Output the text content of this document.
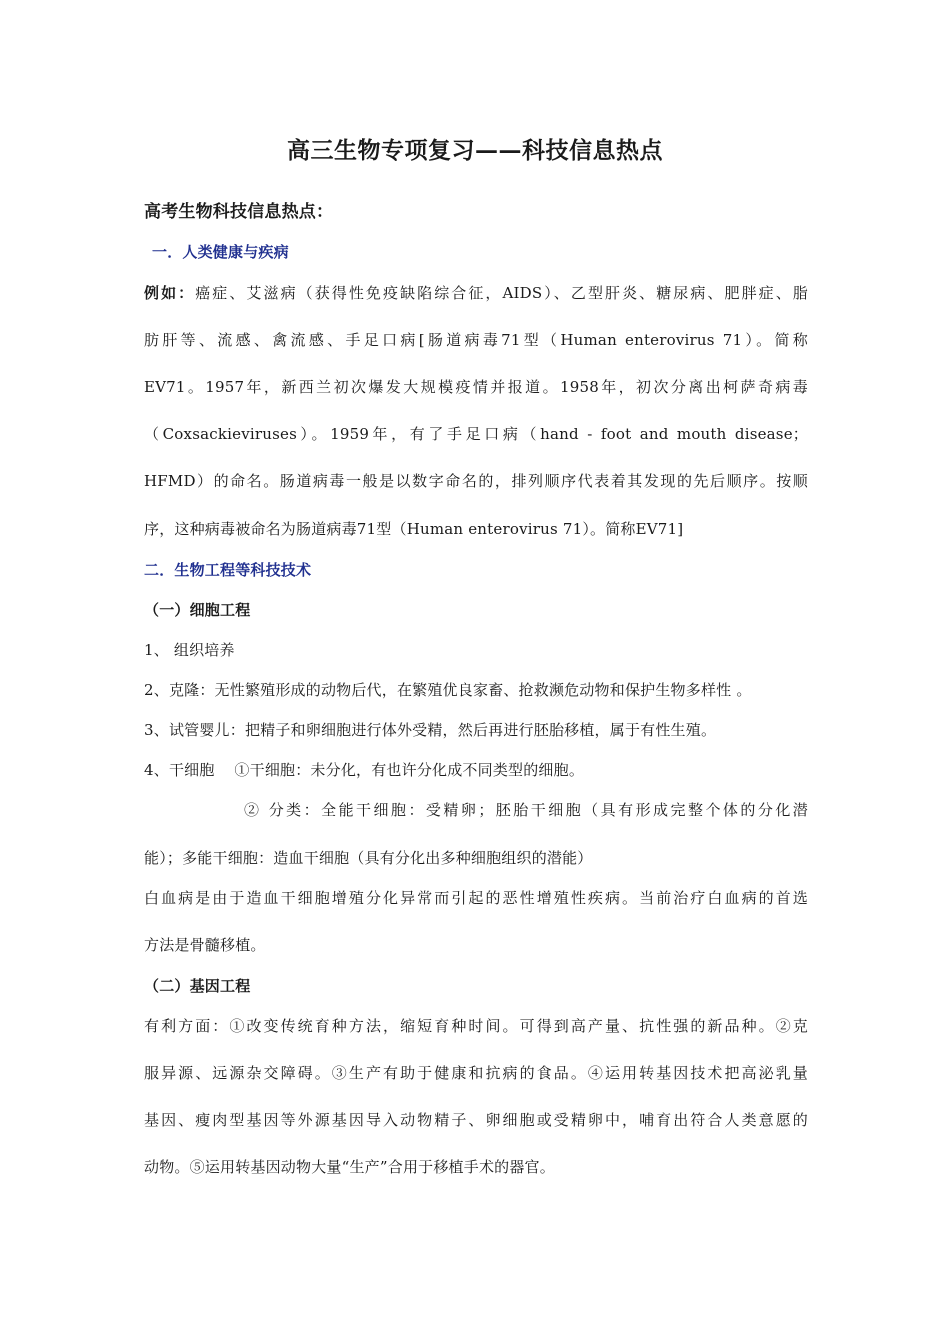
高三生物专项复习——科技信息热点
高考生物科技信息热点：
一．人类健康与疾病
例如：癌症、艾滋病（获得性免疫缺陷综合征，AIDS）、乙型肝炎、糖尿病、肥胖症、脂
肪肝等、流感、禽流感、手足口病[肠道病毒71型（Human enterovirus 71）。简称
EV71。1957年，新西兰初次爆发大规模疫情并报道。1958年，初次分离出柯萨奇病毒
（Coxsackieviruses）。1959年，有了手足口病（hand - foot and mouth disease；
HFMD）的命名。肠道病毒一般是以数字命名的，排列顺序代表着其发现的先后顺序。按顺
序，这种病毒被命名为肠道病毒71型（Human enterovirus 71）。简称EV71]
二．生物工程等科技技术
（一）细胞工程
1、 组织培养
2、克隆：无性繁殖形成的动物后代，在繁殖优良家畜、抢救濒危动物和保护生物多样性 。
3、试管婴儿：把精子和卵细胞进行体外受精，然后再进行胚胎移植，属于有性生殖。
4、干细胞    ①干细胞：未分化，有也许分化成不同类型的细胞。
② 分类：全能干细胞：受精卵；胚胎干细胞（具有形成完整个体的分化潜
能）；多能干细胞：造血干细胞（具有分化出多种细胞组织的潜能）
白血病是由于造血干细胞增殖分化异常而引起的恶性增殖性疾病。当前治疗白血病的首选
方法是骨髓移植。
（二）基因工程
有利方面：①改变传统育种方法，缩短育种时间。可得到高产量、抗性强的新品种。②克
服异源、远源杂交障碍。③生产有助于健康和抗病的食品。④运用转基因技术把高泌乳量
基因、瘦肉型基因等外源基因导入动物精子、卵细胞或受精卵中，哺育出符合人类意愿的
动物。⑤运用转基因动物大量“生产”合用于移植手术的器官。
